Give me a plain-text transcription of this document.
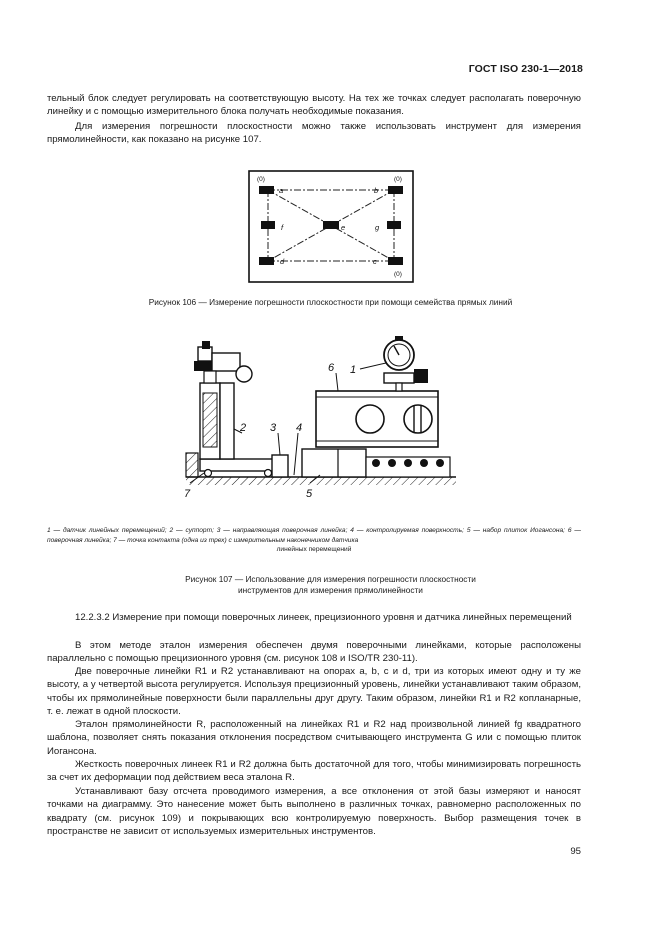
ГОСТ ISO 230-1—2018

тельный блок следует регулировать на соответствующую высоту. На тех же точках следует располагать поверочную линейку и с помощью измерительного блока получать необходимые показания.

Для измерения погрешности плоскостности можно также использовать инструмент для измерения прямолинейности, как показано на рисунке 107.

a	b
c
d
e
f	g
(0)	(0)
(0)

Рисунок 106 — Измерение погрешности плоскостности при помощи семейства прямых линий

1
2 3 4
5
6
7

1 — датчик линейных перемещений; 2 — суппорт; 3 — направляющая поверочная линейка; 4 — контролируемая поверхность; 5 — набор плиток Иогансона; 6 — поверочная линейка; 7 — точка контакта (одна из трех) с измерительным наконечником датчика
линейных перемещений

Рисунок 107 — Использование для измерения погрешности плоскостности
инструментов для измерения прямолинейности

12.2.3.2 Измерение при помощи поверочных линеек, прецизионного уровня и датчика линейных перемещений

В этом методе эталон измерения обеспечен двумя поверочными линейками, которые расположены параллельно с помощью прецизионного уровня (см. рисунок 108 и ISO/TR 230-11).

Две поверочные линейки R1 и R2 устанавливают на опорах a, b, c и d, три из которых имеют одну и ту же высоту, а у четвертой высота регулируется. Используя прецизионный уровень, линейки устанавливают таким образом, чтобы их прямолинейные поверхности были параллельны друг другу. Таким образом, линейки R1 и R2 копланарные, т. е. лежат в одной плоскости.

Эталон прямолинейности R, расположенный на линейках R1 и R2 над произвольной линией fg квадратного шаблона, позволяет снять показания отклонения посредством считывающего инструмента G или с помощью плиток Иогансона.

Жесткость поверочных линеек R1 и R2 должна быть достаточной для того, чтобы минимизировать погрешность за счет их деформации под действием веса эталона R.

Устанавливают базу отсчета проводимого измерения, а все отклонения от этой базы измеряют и наносят точками на диаграмму. Это нанесение может быть выполнено в различных точках, равномерно расположенных по квадрату (см. рисунок 109) и покрывающих всю контролируемую поверхность. Выбор размещения точек в пространстве не зависит от используемых измерительных инструментов.

95
